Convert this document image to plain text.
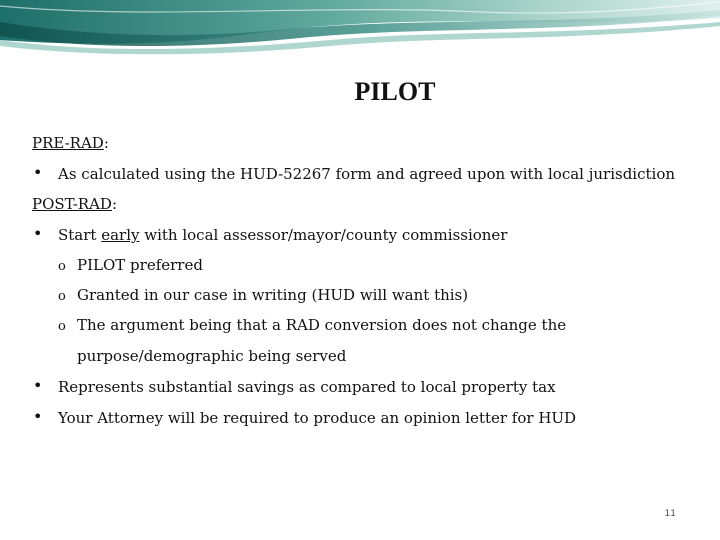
PILOT
PRE-RAD:
• As calculated using the HUD-52267 form and agreed upon with local jurisdiction
POST-RAD:
• Start early with local assessor/mayor/county commissioner
o PILOT preferred
o Granted in our case in writing (HUD will want this)
o The argument being that a RAD conversion does not change the
purpose/demographic being served
• Represents substantial savings as compared to local property tax
• Your Attorney will be required to produce an opinion letter for HUD
11
